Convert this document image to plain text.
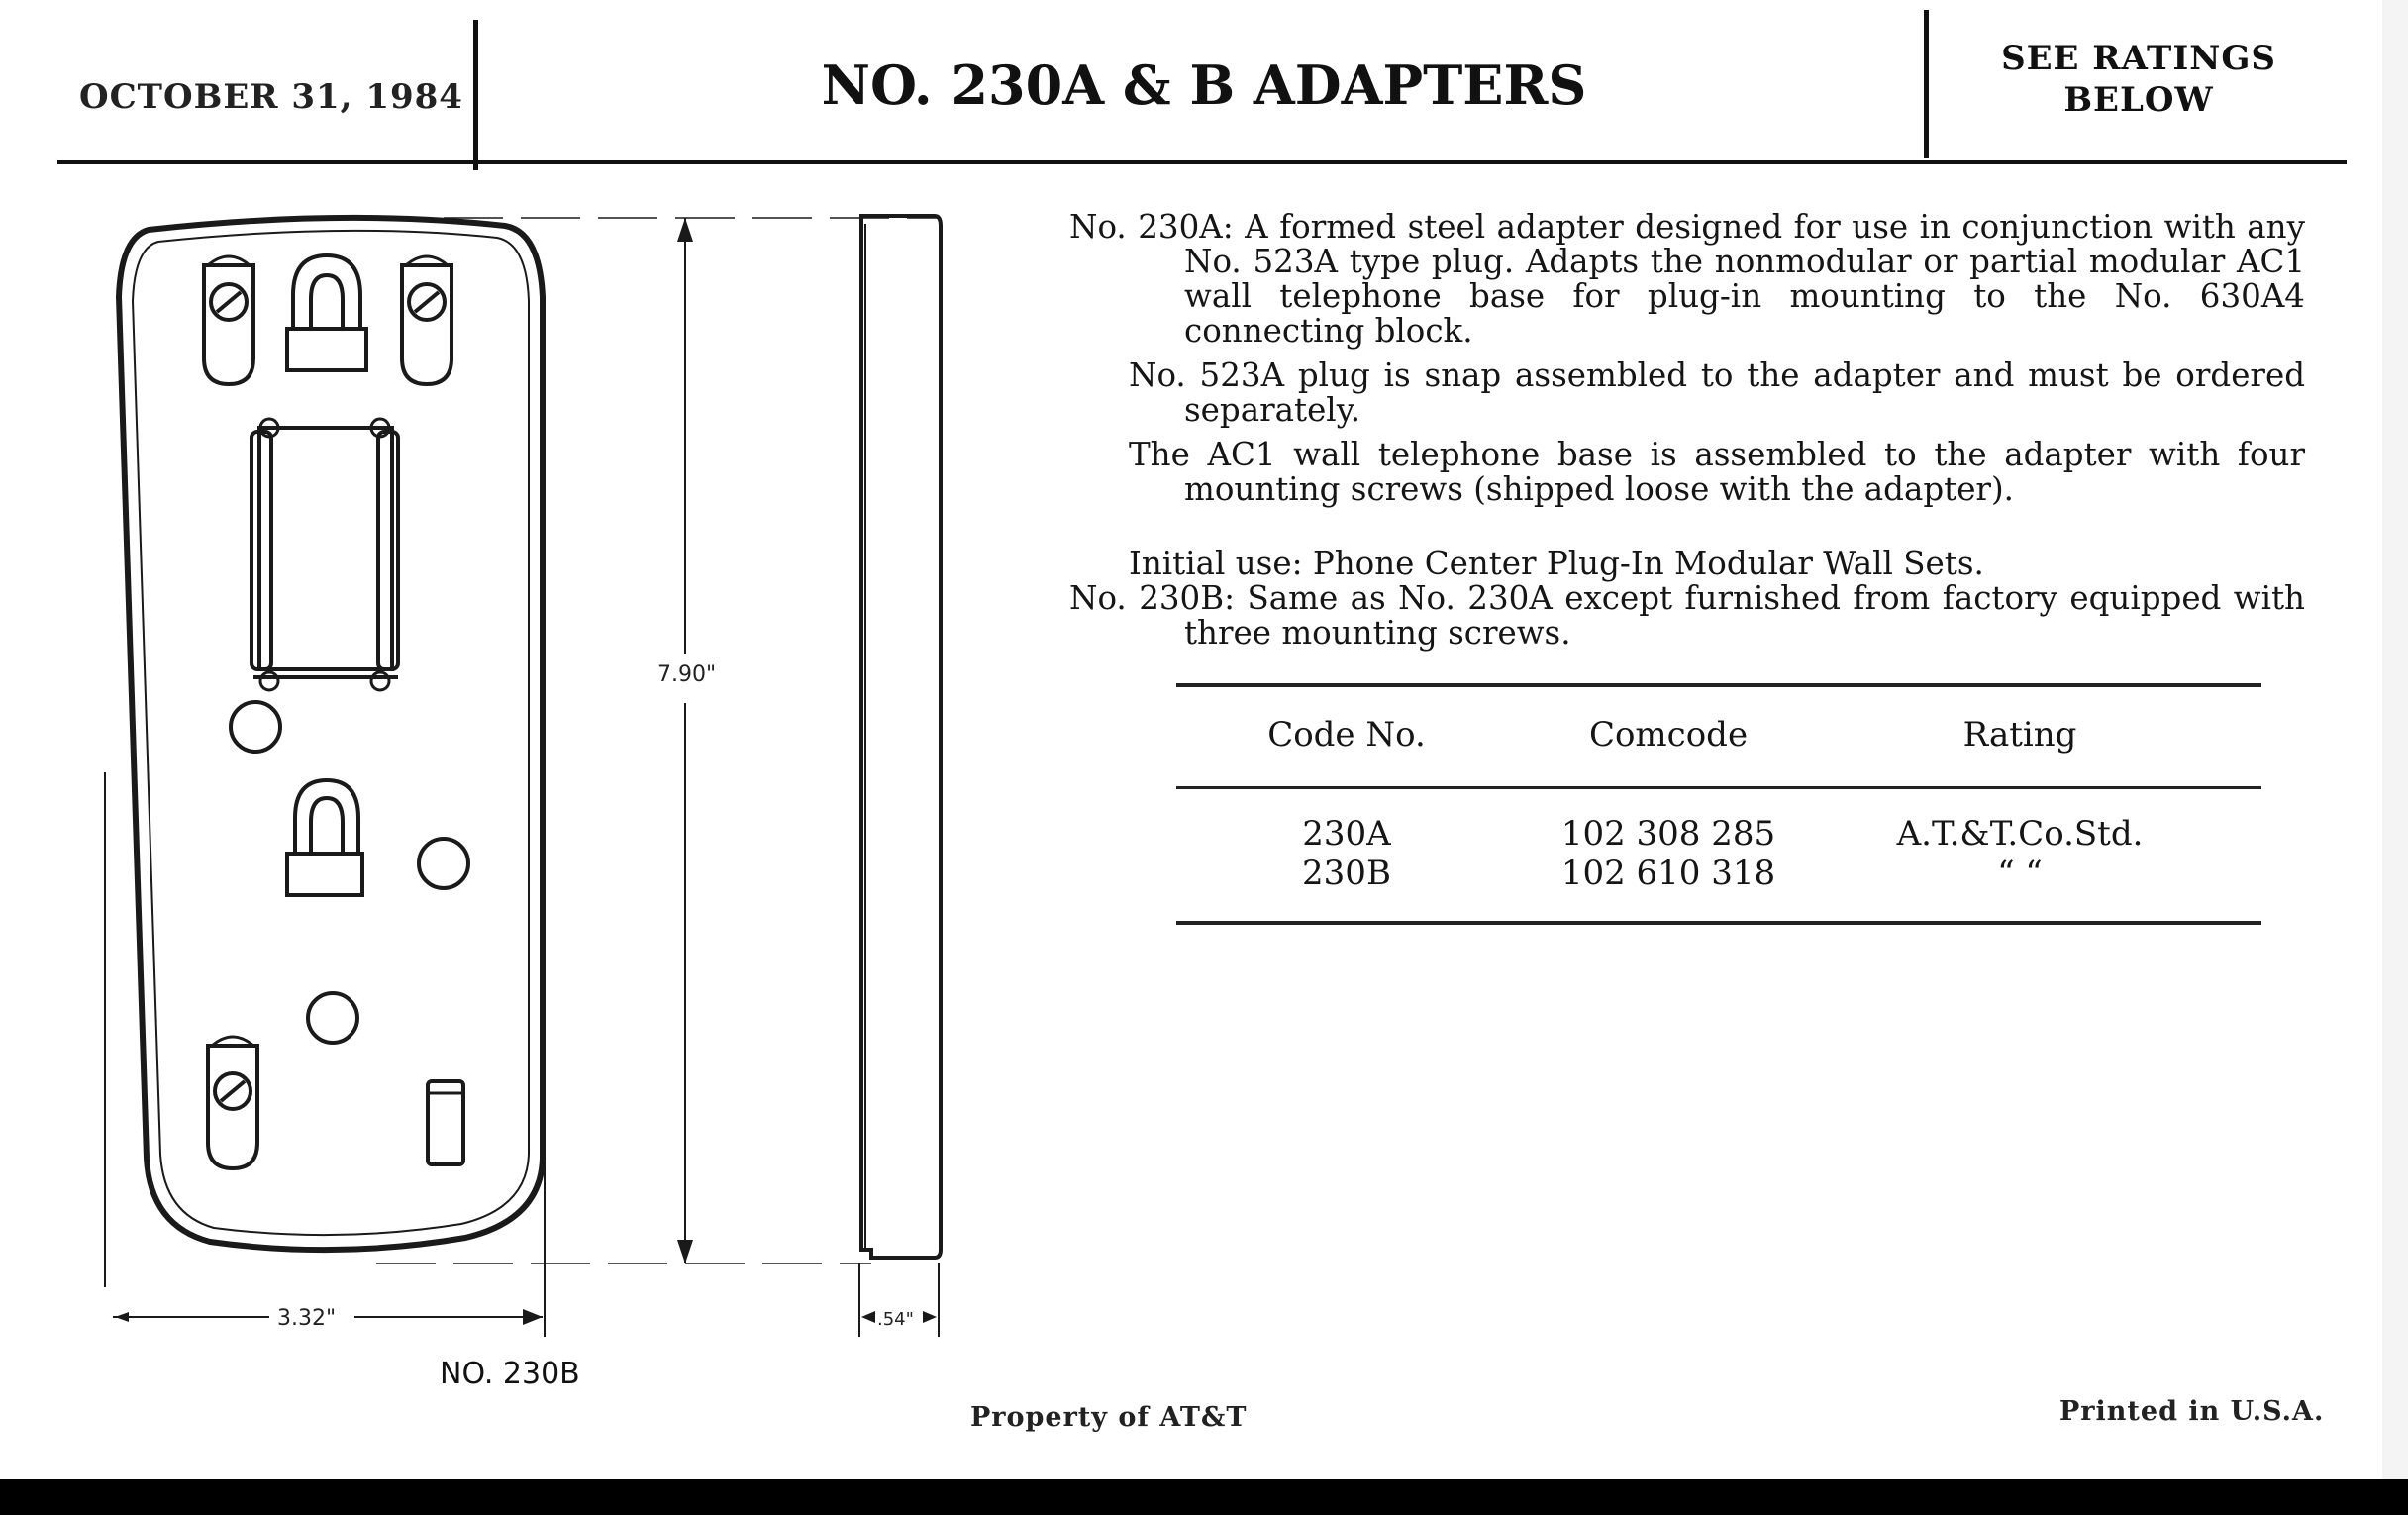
OCTOBER 31, 1984	NO. 230A & B ADAPTERS	SEE RATINGS
BELOW

No. 230A: A formed steel adapter designed for use in conjunction with any No. 523A type plug. Adapts the nonmodular or partial modular AC1 wall telephone base for plug-in mounting to the No. 630A4 connecting block.

No. 523A plug is snap assembled to the adapter and must be ordered separately.

The AC1 wall telephone base is assembled to the adapter with four mounting screws (shipped loose with the adapter).

Initial use: Phone Center Plug-In Modular Wall Sets.

No. 230B: Same as No. 230A except furnished from factory equipped with three mounting screws.

Code No.	Comcode	Rating
230A	102 308 285	A.T.&T.Co.Std.
230B	102 610 318	“ “
7.90"
3.32"	.54"
NO. 230B
Property of AT&T	Printed in U.S.A.
